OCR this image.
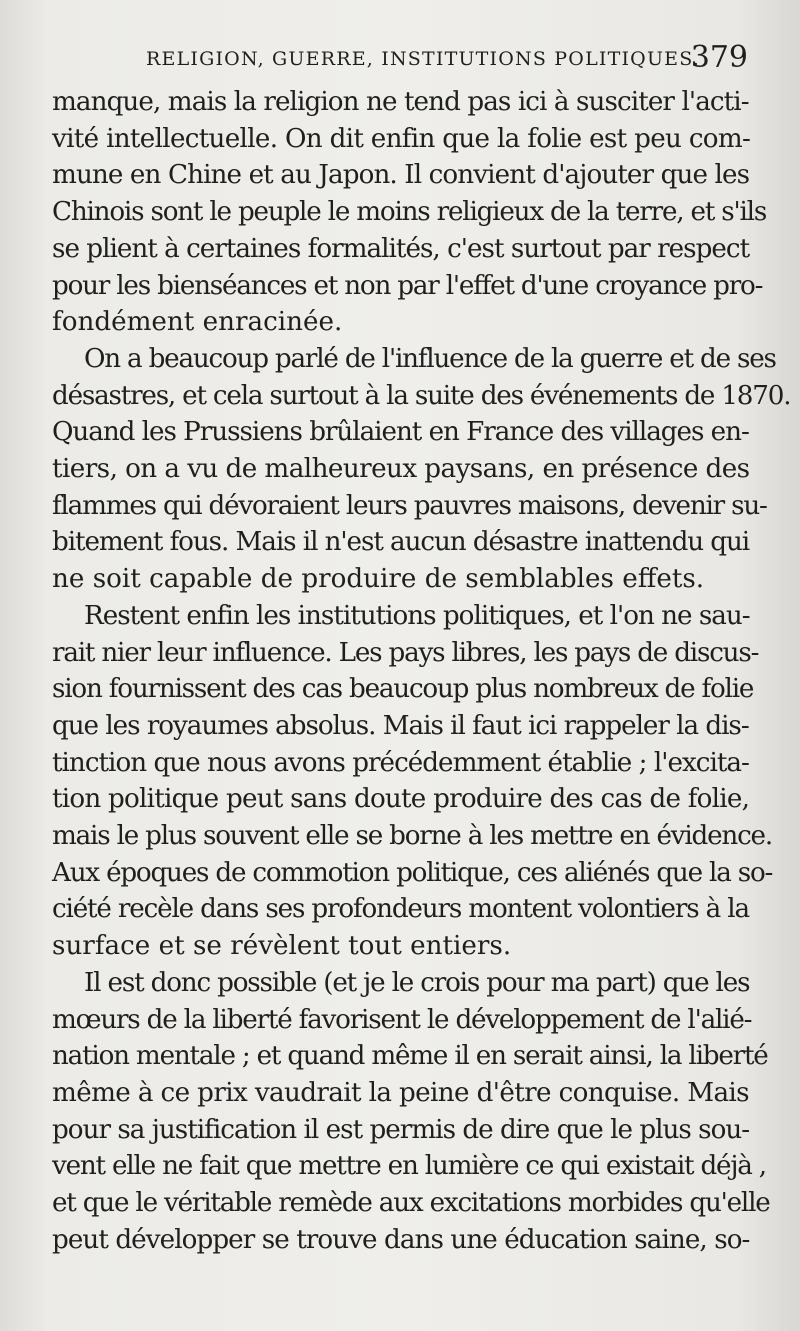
RELIGION, GUERRE, INSTITUTIONS POLITIQUES.
379
manque, mais la religion ne tend pas ici à susciter l'acti-
vité intellectuelle. On dit enfin que la folie est peu com-
mune en Chine et au Japon. Il convient d'ajouter que les
Chinois sont le peuple le moins religieux de la terre, et s'ils
se plient à certaines formalités, c'est surtout par respect
pour les bienséances et non par l'effet d'une croyance pro-
fondément enracinée.
On a beaucoup parlé de l'influence de la guerre et de ses
désastres, et cela surtout à la suite des événements de 1870.
Quand les Prussiens brûlaient en France des villages en-
tiers, on a vu de malheureux paysans, en présence des
flammes qui dévoraient leurs pauvres maisons, devenir su-
bitement fous. Mais il n'est aucun désastre inattendu qui
ne soit capable de produire de semblables effets.
Restent enfin les institutions politiques, et l'on ne sau-
rait nier leur influence. Les pays libres, les pays de discus-
sion fournissent des cas beaucoup plus nombreux de folie
que les royaumes absolus. Mais il faut ici rappeler la dis-
tinction que nous avons précédemment établie ; l'excita-
tion politique peut sans doute produire des cas de folie,
mais le plus souvent elle se borne à les mettre en évidence.
Aux époques de commotion politique, ces aliénés que la so-
ciété recèle dans ses profondeurs montent volontiers à la
surface et se révèlent tout entiers.
Il est donc possible (et je le crois pour ma part) que les
mœurs de la liberté favorisent le développement de l'alié-
nation mentale ; et quand même il en serait ainsi, la liberté
même à ce prix vaudrait la peine d'être conquise. Mais
pour sa justification il est permis de dire que le plus sou-
vent elle ne fait que mettre en lumière ce qui existait déjà ,
et que le véritable remède aux excitations morbides qu'elle
peut développer se trouve dans une éducation saine, so-
